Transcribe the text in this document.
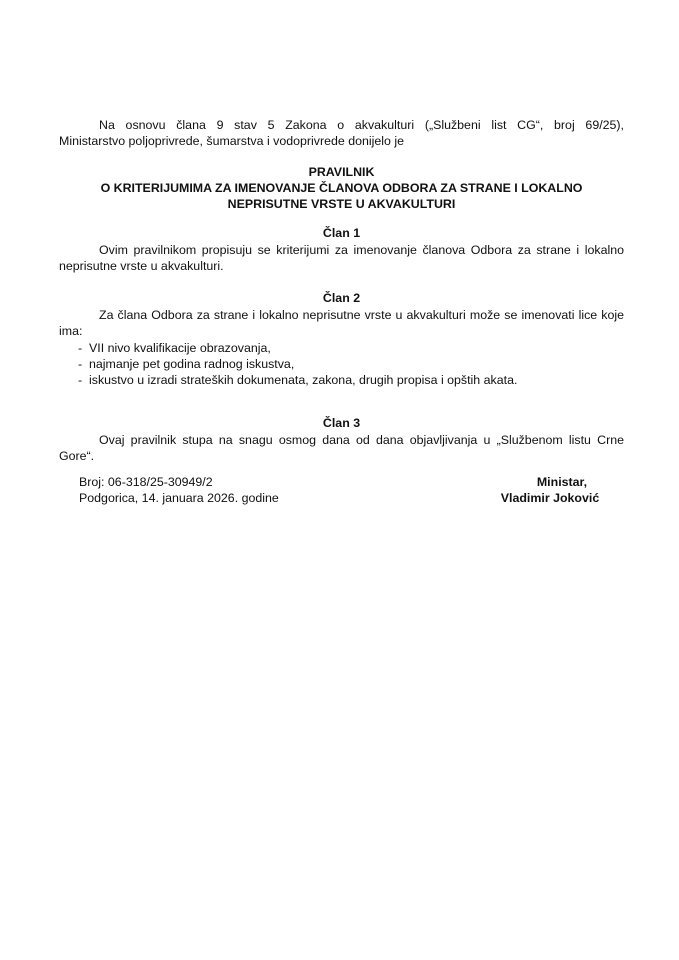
Na osnovu člana 9 stav 5 Zakona o akvakulturi („Službeni list CG“, broj 69/25),

Ministarstvo poljoprivrede, šumarstva i vodoprivrede donijelo je

PRAVILNIK
O KRITERIJUMIMA ZA IMENOVANJE ČLANOVA ODBORA ZA STRANE I LOKALNO
NEPRISUTNE VRSTE U AKVAKULTURI

Član 1

Ovim pravilnikom propisuju se kriterijumi za imenovanje članova Odbora za strane i lokalno neprisutne vrste u akvakulturi.

Član 2

Za člana Odbora za strane i lokalno neprisutne vrste u akvakulturi može se imenovati lice koje ima:

- VII nivo kvalifikacije obrazovanja,
- najmanje pet godina radnog iskustva,
- iskustvo u izradi strateških dokumenata, zakona, drugih propisa i opštih akata.

Član 3

Ovaj pravilnik stupa na snagu osmog dana od dana objavljivanja u „Službenom listu Crne Gore“.

Broj: 06-318/25-30949/2
Podgorica, 14. januara 2026. godine
Ministar,
Vladimir Joković
